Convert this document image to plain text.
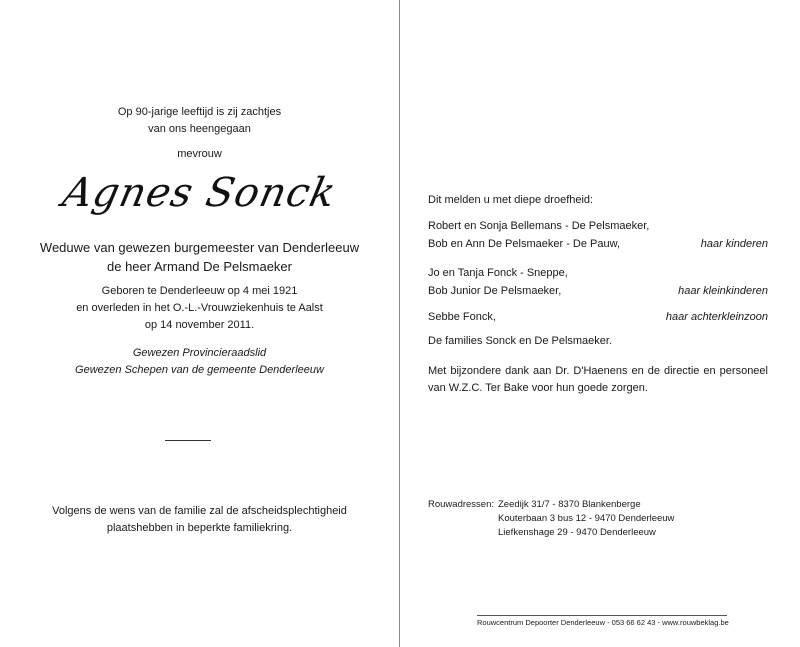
Op 90-jarige leeftijd is zij zachtjes
van ons heengegaan
mevrouw
Agnes Sonck
Weduwe van gewezen burgemeester van Denderleeuw
de heer Armand De Pelsmaeker
Geboren te Denderleeuw op 4 mei 1921
en overleden in het O.-L.-Vrouwziekenhuis te Aalst
op 14 november 2011.
Gewezen Provincieraadslid
Gewezen Schepen van de gemeente Denderleeuw
Volgens de wens van de familie zal de afscheidsplechtigheid
plaatshebben in beperkte familiekring.
Dit melden u met diepe droefheid:
Robert en Sonja Bellemans - De Pelsmaeker,
Bob en Ann De Pelsmaeker - De Pauw,	haar kinderen
Jo en Tanja Fonck - Sneppe,
Bob Junior De Pelsmaeker,	haar kleinkinderen
Sebbe Fonck,	haar achterkleinzoon
De families Sonck en De Pelsmaeker.
Met bijzondere dank aan Dr. D'Haenens en de directie en personeel
van W.Z.C. Ter Bake voor hun goede zorgen.
Rouwadressen: Zeedijk 31/7 - 8370 Blankenberge
Kouterbaan 3 bus 12 - 9470 Denderleeuw
Liefkenshage 29 - 9470 Denderleeuw
Rouwcentrum Depoorter Denderleeuw - 053 66 62 43 - www.rouwbeklag.be
